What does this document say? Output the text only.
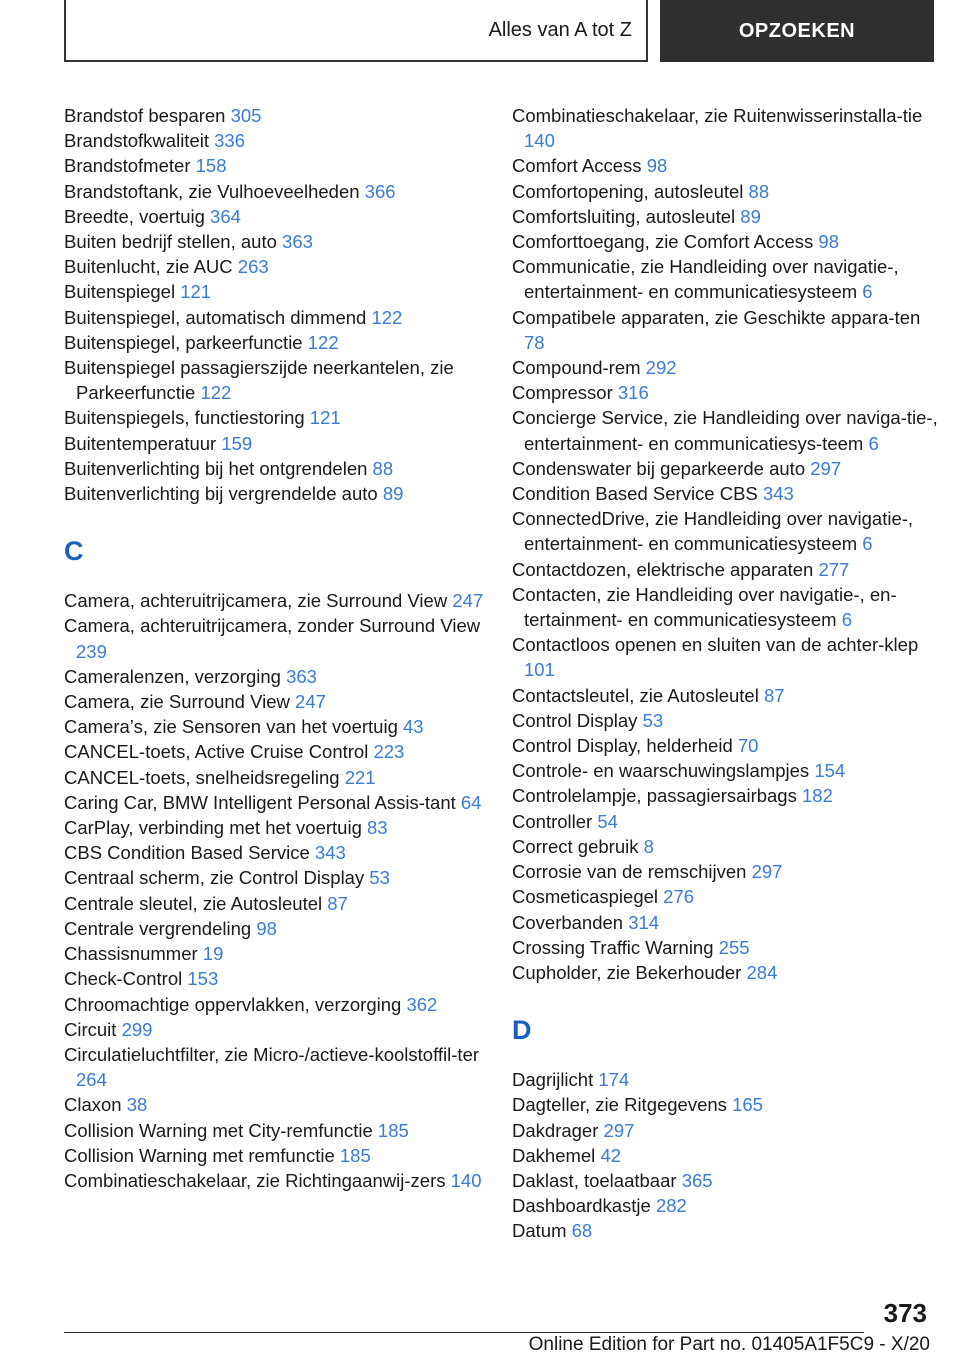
Alles van A tot Z	OPZOEKEN

Brandstof besparen 305

Brandstofkwaliteit 336

Brandstofmeter 158

Brandstoftank, zie Vulhoeveelheden 366

Breedte, voertuig 364

Buiten bedrijf stellen, auto 363

Buitenlucht, zie AUC 263

Buitenspiegel 121

Buitenspiegel, automatisch dimmend 122

Buitenspiegel, parkeerfunctie 122

Buitenspiegel passagierszijde neerkantelen, zie Parkeerfunctie 122

Buitenspiegels, functiestoring 121

Buitentemperatuur 159

Buitenverlichting bij het ontgrendelen 88

Buitenverlichting bij vergrendelde auto 89

C

Camera, achteruitrijcamera, zie Surround View 247

Camera, achteruitrijcamera, zonder Surround View 239

Cameralenzen, verzorging 363

Camera, zie Surround View 247

Camera’s, zie Sensoren van het voertuig 43

CANCEL-toets, Active Cruise Control 223

CANCEL-toets, snelheidsregeling 221

Caring Car, BMW Intelligent Personal Assis-tant 64

CarPlay, verbinding met het voertuig 83

CBS Condition Based Service 343

Centraal scherm, zie Control Display 53

Centrale sleutel, zie Autosleutel 87

Centrale vergrendeling 98

Chassisnummer 19

Check-Control 153

Chroomachtige oppervlakken, verzorging 362

Circuit 299

Circulatieluchtfilter, zie Micro-/actieve-koolstoffil-ter 264

Claxon 38

Collision Warning met City-remfunctie 185

Collision Warning met remfunctie 185

Combinatieschakelaar, zie Richtingaanwij-zers 140

Combinatieschakelaar, zie Ruitenwisserinstalla-tie 140

Comfort Access 98

Comfortopening, autosleutel 88

Comfortsluiting, autosleutel 89

Comforttoegang, zie Comfort Access 98

Communicatie, zie Handleiding over navigatie-, entertainment- en communicatiesysteem 6

Compatibele apparaten, zie Geschikte appara-ten 78

Compound-rem 292

Compressor 316

Concierge Service, zie Handleiding over naviga-tie-, entertainment- en communicatiesys-teem 6

Condenswater bij geparkeerde auto 297

Condition Based Service CBS 343

ConnectedDrive, zie Handleiding over navigatie-, entertainment- en communicatiesysteem 6

Contactdozen, elektrische apparaten 277

Contacten, zie Handleiding over navigatie-, en-tertainment- en communicatiesysteem 6

Contactloos openen en sluiten van de achter-klep 101

Contactsleutel, zie Autosleutel 87

Control Display 53

Control Display, helderheid 70

Controle- en waarschuwingslampjes 154

Controlelampje, passagiersairbags 182

Controller 54

Correct gebruik 8

Corrosie van de remschijven 297

Cosmeticaspiegel 276

Coverbanden 314

Crossing Traffic Warning 255

Cupholder, zie Bekerhouder 284

D

Dagrijlicht 174

Dagteller, zie Ritgegevens 165

Dakdrager 297

Dakhemel 42

Daklast, toelaatbaar 365

Dashboardkastje 282

Datum 68

373
Online Edition for Part no. 01405A1F5C9 - X/20
